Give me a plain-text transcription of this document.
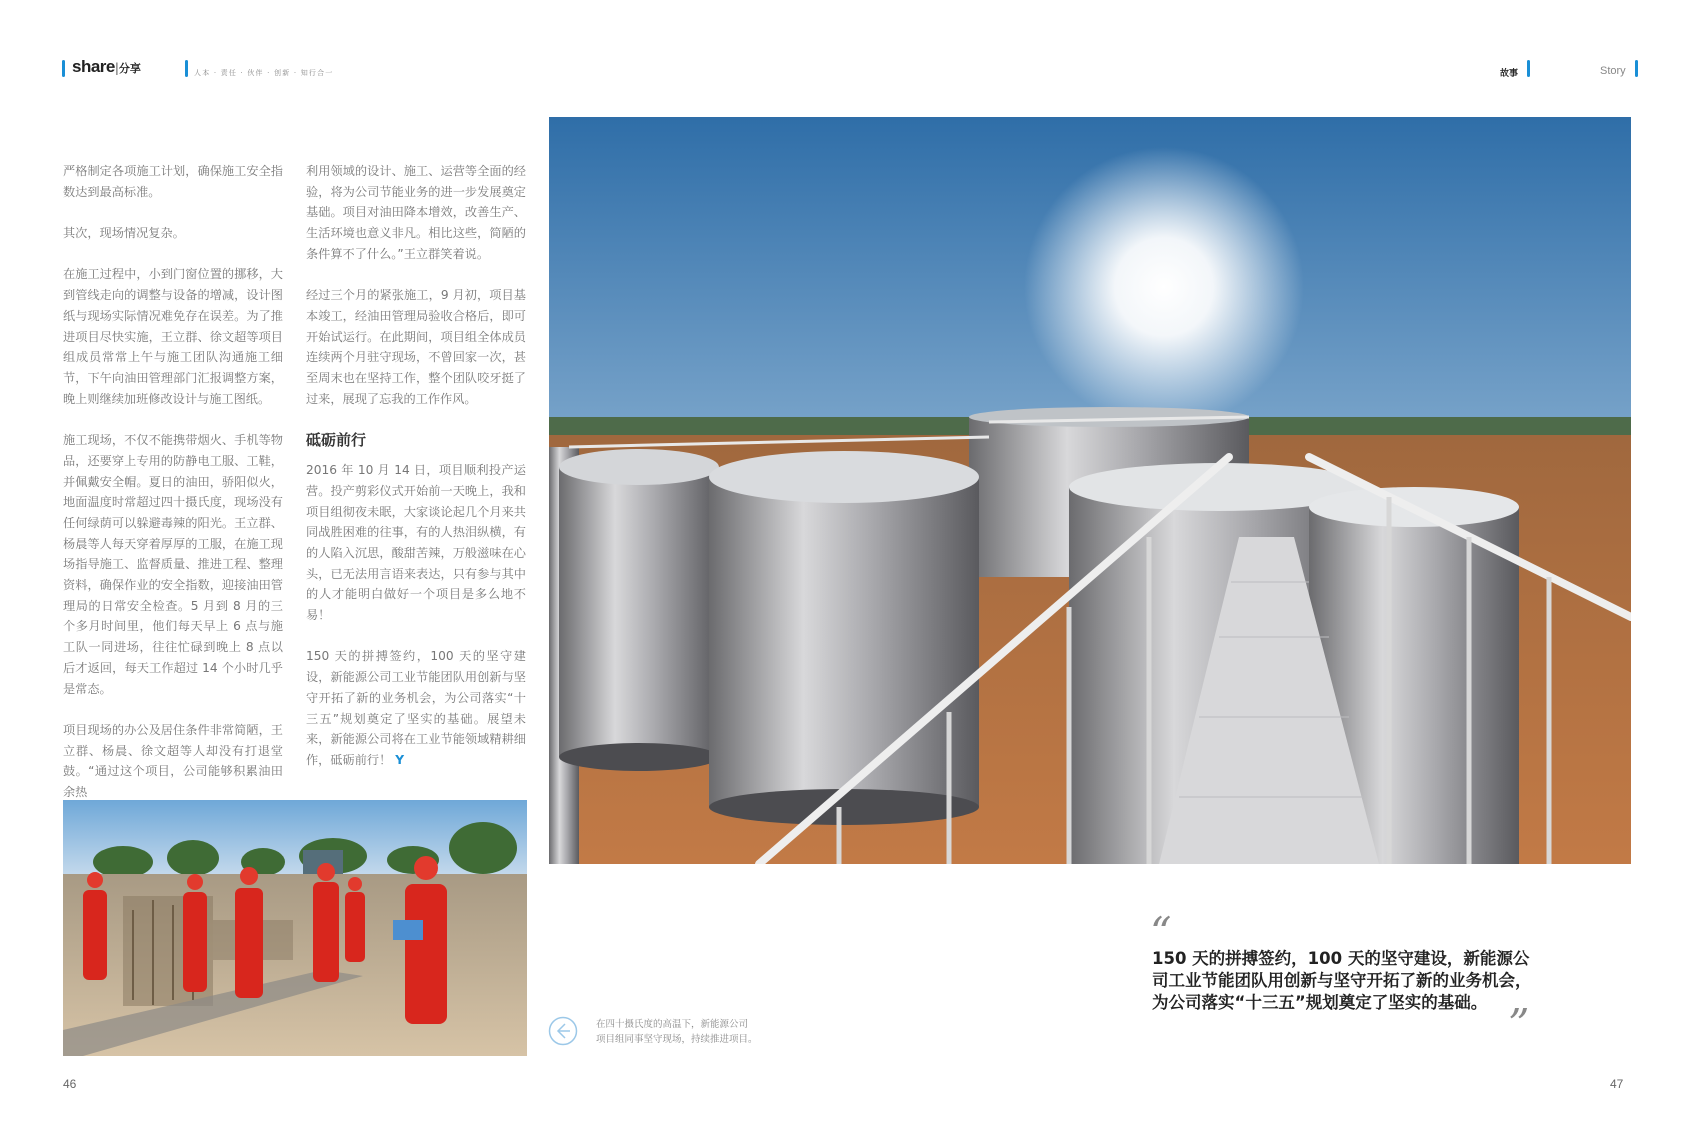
share|分享	人本 · 责任 · 伙伴 · 创新 · 知行合一	故事	Story

严格制定各项施工计划，确保施工安全指数达到最高标准。

其次，现场情况复杂。

在施工过程中，小到门窗位置的挪移，大到管线走向的调整与设备的增减，设计图纸与现场实际情况难免存在误差。为了推进项目尽快实施，王立群、徐文超等项目组成员常常上午与施工团队沟通施工细节，下午向油田管理部门汇报调整方案，晚上则继续加班修改设计与施工图纸。

施工现场，不仅不能携带烟火、手机等物品，还要穿上专用的防静电工服、工鞋，并佩戴安全帽。夏日的油田，骄阳似火，地面温度时常超过四十摄氏度，现场没有任何绿荫可以躲避毒辣的阳光。王立群、杨晨等人每天穿着厚厚的工服，在施工现场指导施工、监督质量、推进工程、整理资料，确保作业的安全指数，迎接油田管理局的日常安全检查。5 月到 8 月的三个多月时间里，他们每天早上 6 点与施工队一同进场，往往忙碌到晚上 8 点以后才返回，每天工作超过 14 个小时几乎是常态。

项目现场的办公及居住条件非常简陋，王立群、杨晨、徐文超等人却没有打退堂鼓。“通过这个项目，公司能够积累油田余热

利用领域的设计、施工、运营等全面的经验，将为公司节能业务的进一步发展奠定基础。项目对油田降本增效，改善生产、生活环境也意义非凡。相比这些，简陋的条件算不了什么。”王立群笑着说。

经过三个月的紧张施工，9 月初，项目基本竣工，经油田管理局验收合格后，即可开始试运行。在此期间，项目组全体成员连续两个月驻守现场，不曾回家一次，甚至周末也在坚持工作，整个团队咬牙挺了过来，展现了忘我的工作作风。

砥砺前行

2016 年 10 月 14 日，项目顺利投产运营。投产剪彩仪式开始前一天晚上，我和项目组彻夜未眠，大家谈论起几个月来共同战胜困难的往事，有的人热泪纵横，有的人陷入沉思，酸甜苦辣，万般滋味在心头，已无法用言语来表达，只有参与其中的人才能明白做好一个项目是多么地不易！

150 天的拼搏签约，100 天的坚守建设，新能源公司工业节能团队用创新与坚守开拓了新的业务机会，为公司落实“十三五”规划奠定了坚实的基础。展望未来，新能源公司将在工业节能领域精耕细作，砥砺前行！ Y

在四十摄氏度的高温下，新能源公司
项目组同事坚守现场，持续推进项目。
“
150 天的拼搏签约，100 天的坚守建设，新能源公司工业节能团队用创新与坚守开拓了新的业务机会，为公司落实“十三五”规划奠定了坚实的基础。 ”
46	47
